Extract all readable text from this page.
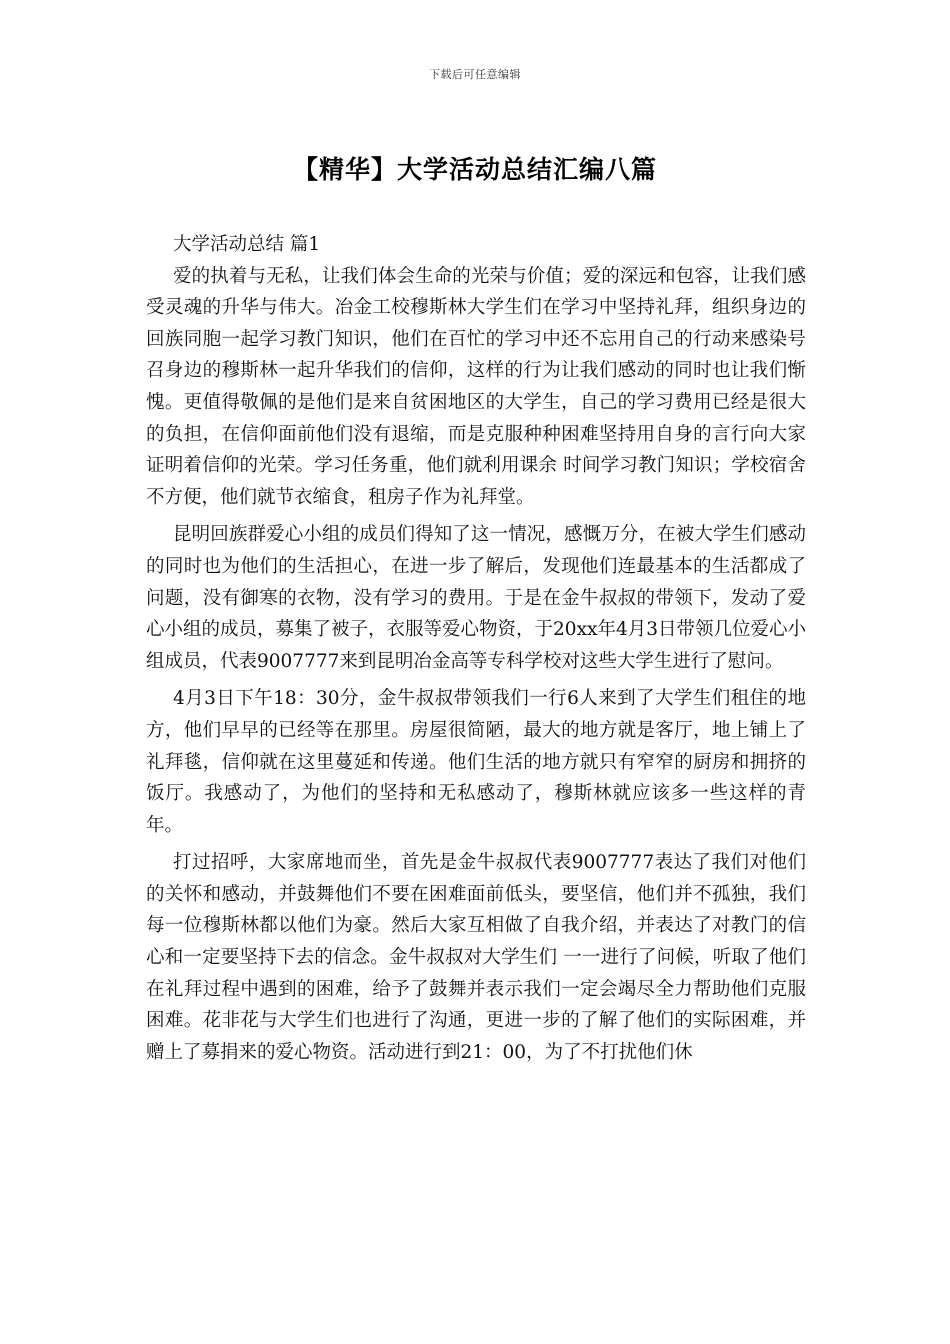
下载后可任意编辑
【精华】大学活动总结汇编八篇

大学活动总结 篇1

爱的执着与无私，让我们体会生命的光荣与价值；爱的深远和包容，让我们感受灵魂的升华与伟大。冶金工校穆斯林大学生们在学习中坚持礼拜，组织身边的回族同胞一起学习教门知识，他们在百忙的学习中还不忘用自己的行动来感染号召身边的穆斯林一起升华我们的信仰，这样的行为让我们感动的同时也让我们惭愧。更值得敬佩的是他们是来自贫困地区的大学生，自己的学习费用已经是很大的负担，在信仰面前他们没有退缩，而是克服种种困难坚持用自身的言行向大家证明着信仰的光荣。学习任务重，他们就利用课余 时间学习教门知识；学校宿舍不方便，他们就节衣缩食，租房子作为礼拜堂。

昆明回族群爱心小组的成员们得知了这一情况，感慨万分，在被大学生们感动的同时也为他们的生活担心，在进一步了解后，发现他们连最基本的生活都成了问题，没有御寒的衣物，没有学习的费用。于是在金牛叔叔的带领下，发动了爱心小组的成员，募集了被子，衣服等爱心物资，于20xx年4月3日带领几位爱心小组成员，代表9007777来到昆明冶金高等专科学校对这些大学生进行了慰问。

4月3日下午18：30分，金牛叔叔带领我们一行6人来到了大学生们租住的地方，他们早早的已经等在那里。房屋很简陋，最大的地方就是客厅，地上铺上了礼拜毯，信仰就在这里蔓延和传递。他们生活的地方就只有窄窄的厨房和拥挤的饭厅。我感动了，为他们的坚持和无私感动了，穆斯林就应该多一些这样的青年。

打过招呼，大家席地而坐，首先是金牛叔叔代表9007777表达了我们对他们的关怀和感动，并鼓舞他们不要在困难面前低头，要坚信，他们并不孤独，我们每一位穆斯林都以他们为豪。然后大家互相做了自我介绍，并表达了对教门的信心和一定要坚持下去的信念。金牛叔叔对大学生们 一一进行了问候，听取了他们在礼拜过程中遇到的困难，给予了鼓舞并表示我们一定会竭尽全力帮助他们克服困难。花非花与大学生们也进行了沟通，更进一步的了解了他们的实际困难，并赠上了募捐来的爱心物资。活动进行到21：00，为了不打扰他们休
